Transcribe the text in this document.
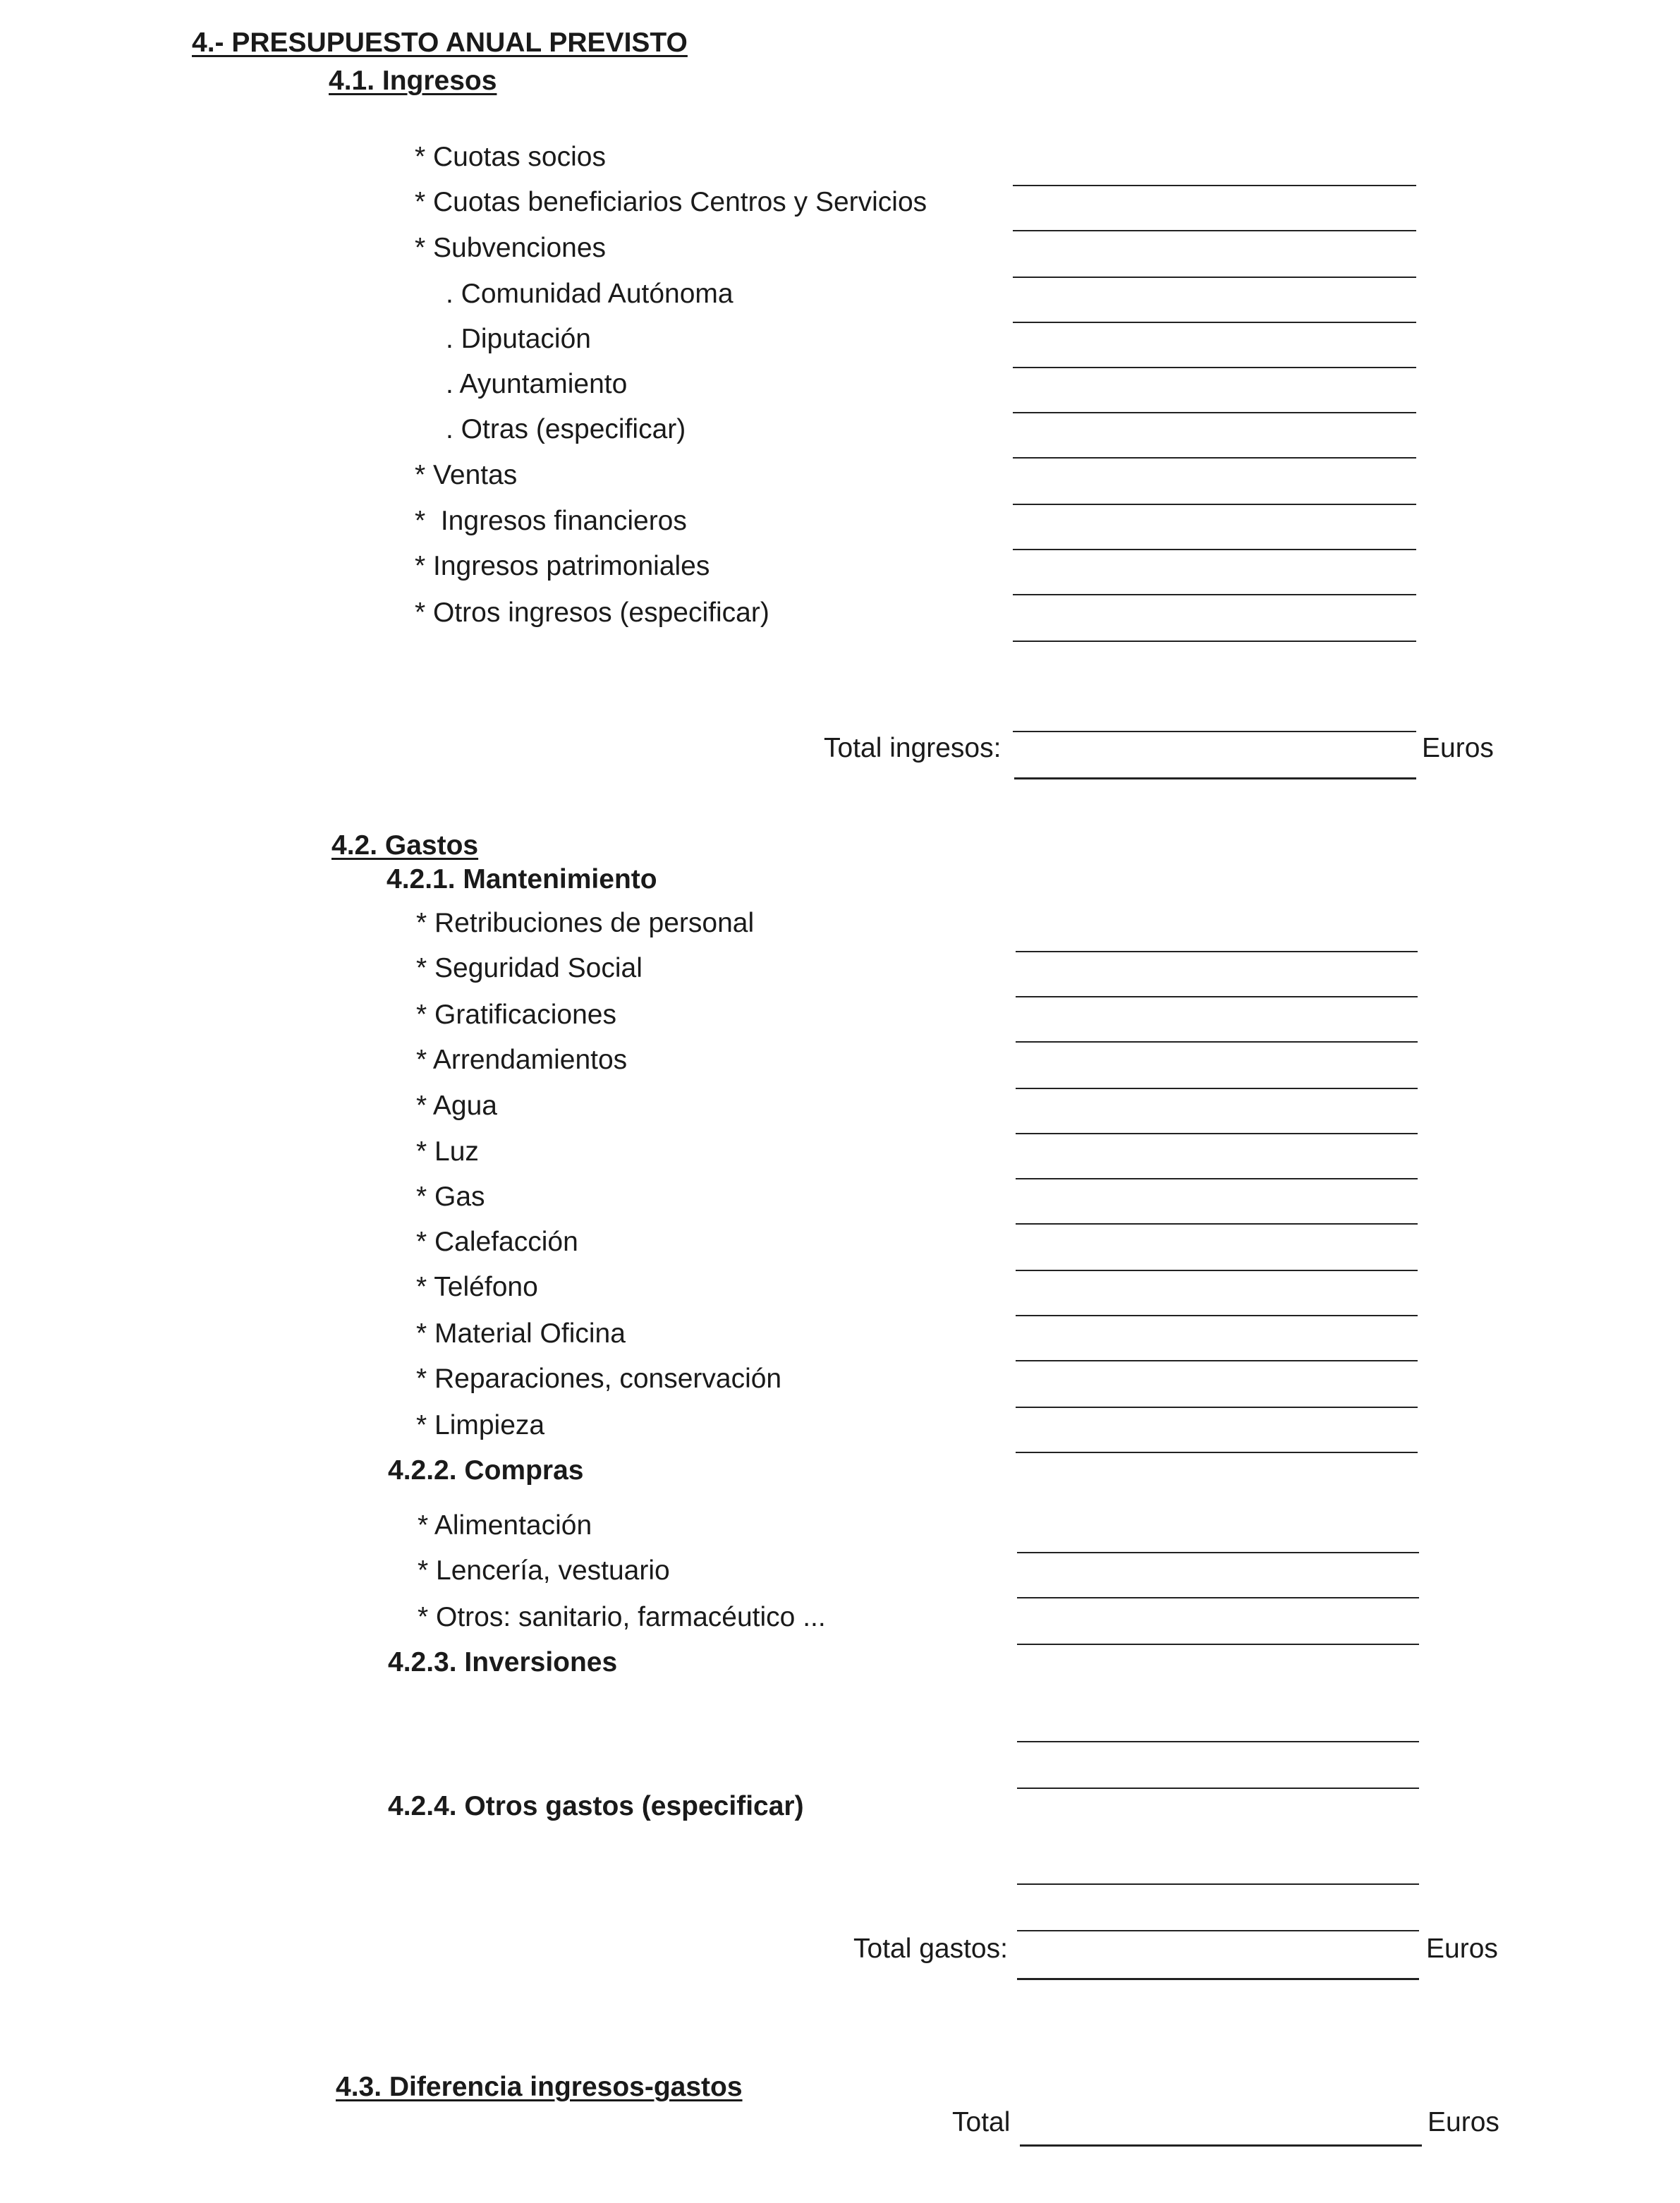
4.- PRESUPUESTO ANUAL PREVISTO
4.1. Ingresos
* Cuotas socios
* Cuotas beneficiarios Centros y Servicios
* Subvenciones
. Comunidad Autónoma
. Diputación
. Ayuntamiento
. Otras (especificar)
* Ventas
*  Ingresos financieros
* Ingresos patrimoniales
* Otros ingresos (especificar)
Total ingresos:	Euros
4.2. Gastos
4.2.1. Mantenimiento
* Retribuciones de personal
* Seguridad Social
* Gratificaciones
* Arrendamientos
* Agua
* Luz
* Gas
* Calefacción
* Teléfono
* Material Oficina
* Reparaciones, conservación
* Limpieza
4.2.2. Compras
* Alimentación
* Lencería, vestuario
* Otros: sanitario, farmacéutico ...
4.2.3. Inversiones
4.2.4. Otros gastos (especificar)
Total gastos:	Euros
4.3. Diferencia ingresos-gastos
Total	Euros
